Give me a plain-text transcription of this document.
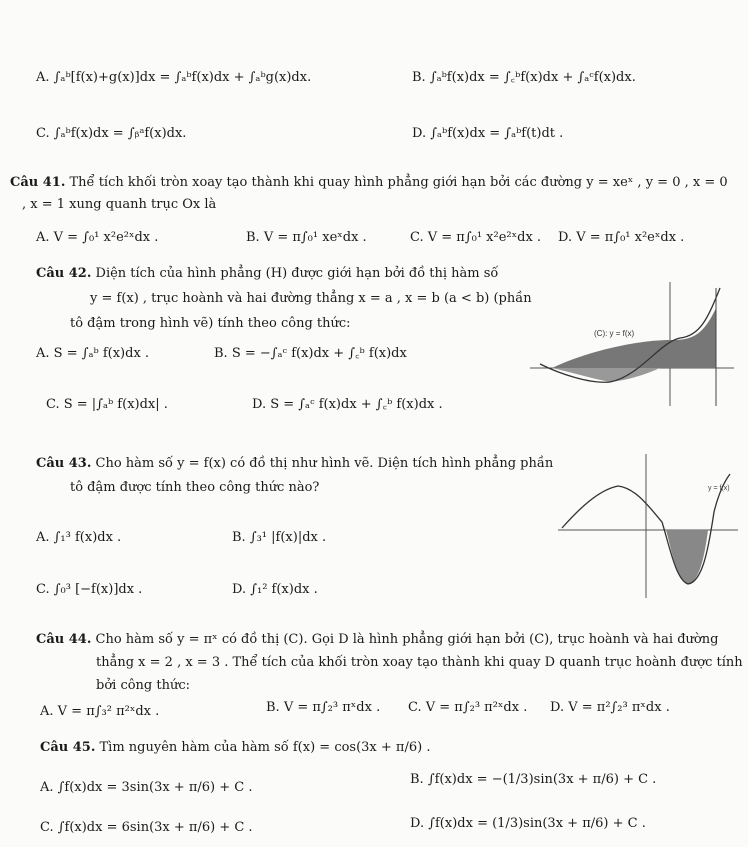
A. ∫ₐᵇ[f(x)+g(x)]dx = ∫ₐᵇf(x)dx + ∫ₐᵇg(x)dx.	B. ∫ₐᵇf(x)dx = ∫꜀ᵇf(x)dx + ∫ₐᶜf(x)dx.
C. ∫ₐᵇf(x)dx = ∫ᵦᵃf(x)dx.	D. ∫ₐᵇf(x)dx = ∫ₐᵇf(t)dt .
Câu 41. Thể tích khối tròn xoay tạo thành khi quay hình phẳng giới hạn bởi các đường y = xeˣ , y = 0 , x = 0
, x = 1 xung quanh trục Ox là
A. V = ∫₀¹ x²e²ˣdx .	B. V = π∫₀¹ xeˣdx .	C. V = π∫₀¹ x²e²ˣdx . D. V = π∫₀¹ x²eˣdx .
Câu 42. Diện tích của hình phẳng (H) được giới hạn bởi đồ thị hàm số
y = f(x) , trục hoành và hai đường thẳng x = a , x = b (a < b) (phần
tô đậm trong hình vẽ) tính theo công thức:
A. S = ∫ₐᵇ f(x)dx .	B. S = −∫ₐᶜ f(x)dx + ∫꜀ᵇ f(x)dx
C. S = |∫ₐᵇ f(x)dx| .	D. S = ∫ₐᶜ f(x)dx + ∫꜀ᵇ f(x)dx .
(C): y = f(x)
Câu 43. Cho hàm số y = f(x) có đồ thị như hình vẽ. Diện tích hình phẳng phần
tô đậm được tính theo công thức nào?
A. ∫₁³ f(x)dx .	B. ∫₃¹ |f(x)|dx .
C. ∫₀³ [−f(x)]dx .	D. ∫₁² f(x)dx .
y = f(x)
Câu 44. Cho hàm số y = πˣ có đồ thị (C). Gọi D là hình phẳng giới hạn bởi (C), trục hoành và hai đường
thẳng x = 2 , x = 3 . Thể tích của khối tròn xoay tạo thành khi quay D quanh trục hoành được tính
bởi công thức:
A. V = π∫₃² π²ˣdx .	B. V = π∫₂³ πˣdx . C. V = π∫₂³ π²ˣdx . D. V = π²∫₂³ πˣdx .
Câu 45. Tìm nguyên hàm của hàm số f(x) = cos(3x + π/6) .
A. ∫f(x)dx = 3sin(3x + π/6) + C .
B. ∫f(x)dx = −(1/3)sin(3x + π/6) + C .
C. ∫f(x)dx = 6sin(3x + π/6) + C .	D. ∫f(x)dx = (1/3)sin(3x + π/6) + C .
